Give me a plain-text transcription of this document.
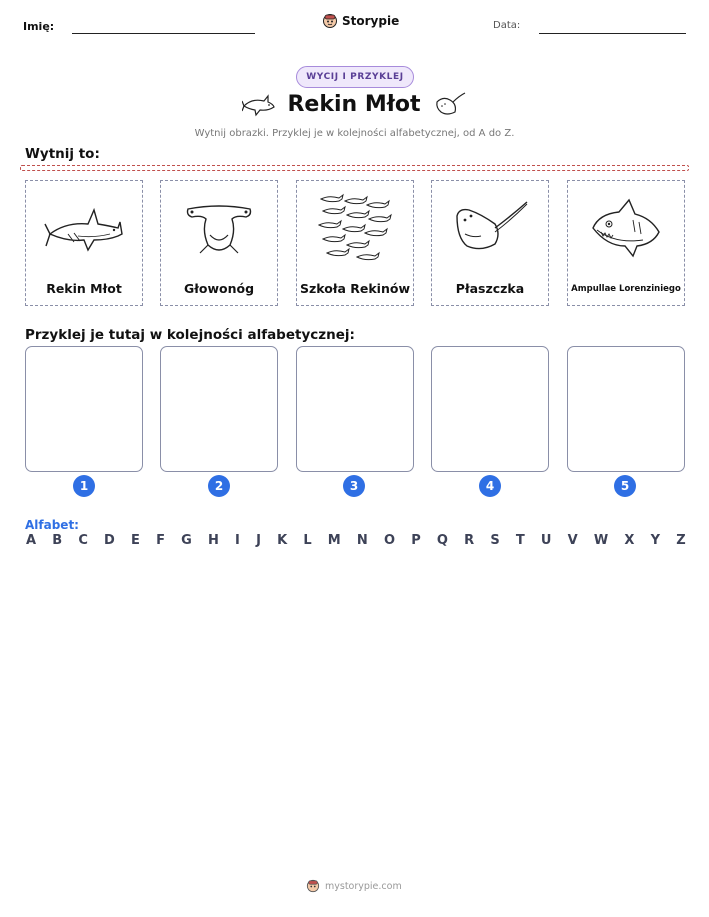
Imię:	Storypie	Data:
WYCIJ I PRZYKLEJ
Rekin Młot
Wytnij obrazki. Przyklej je w kolejności alfabetycznej, od A do Z.
Wytnij to:
Rekin Młot	Głowonóg	Szkoła Rekinów	Płaszczka	Ampullae Lorenziniego
Przyklej je tutaj w kolejności alfabetycznej:
1	2	3	4	5
Alfabet:
A B C D E F G H I J K L M N O P Q R S T U V W X Y Z
mystorypie.com
